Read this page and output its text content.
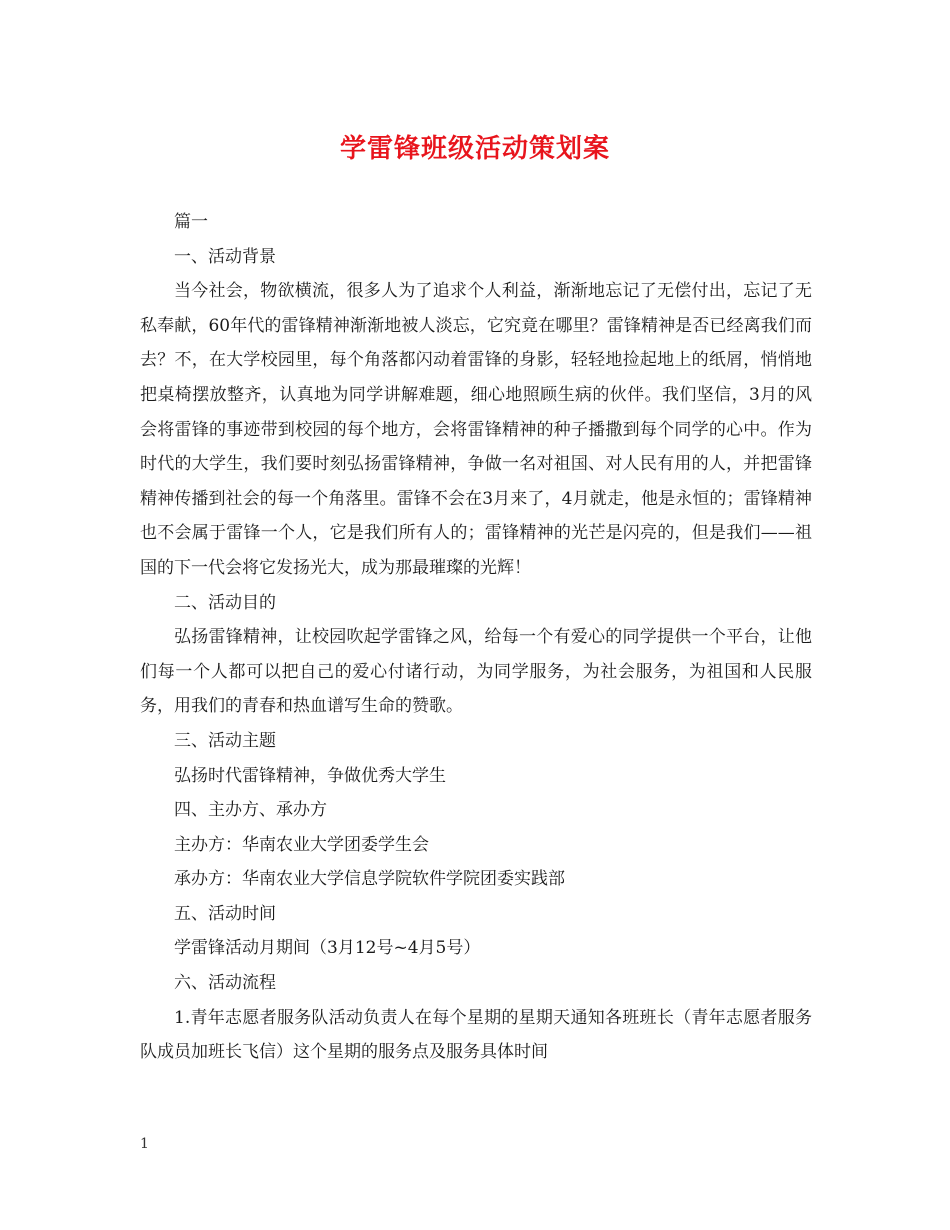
学雷锋班级活动策划案

篇一

一、活动背景

当今社会，物欲横流，很多人为了追求个人利益，渐渐地忘记了无偿付出，忘记了无私奉献，60年代的雷锋精神渐渐地被人淡忘，它究竟在哪里？雷锋精神是否已经离我们而去？不，在大学校园里，每个角落都闪动着雷锋的身影，轻轻地捡起地上的纸屑，悄悄地把桌椅摆放整齐，认真地为同学讲解难题，细心地照顾生病的伙伴。我们坚信，3月的风会将雷锋的事迹带到校园的每个地方，会将雷锋精神的种子播撒到每个同学的心中。作为时代的大学生，我们要时刻弘扬雷锋精神，争做一名对祖国、对人民有用的人，并把雷锋精神传播到社会的每一个角落里。雷锋不会在3月来了，4月就走，他是永恒的；雷锋精神也不会属于雷锋一个人，它是我们所有人的；雷锋精神的光芒是闪亮的，但是我们——祖国的下一代会将它发扬光大，成为那最璀璨的光辉！

二、活动目的

弘扬雷锋精神，让校园吹起学雷锋之风，给每一个有爱心的同学提供一个平台，让他们每一个人都可以把自己的爱心付诸行动，为同学服务，为社会服务，为祖国和人民服务，用我们的青春和热血谱写生命的赞歌。

三、活动主题

弘扬时代雷锋精神，争做优秀大学生

四、主办方、承办方

主办方：华南农业大学团委学生会

承办方：华南农业大学信息学院软件学院团委实践部

五、活动时间

学雷锋活动月期间（3月12号~4月5号）

六、活动流程

1.青年志愿者服务队活动负责人在每个星期的星期天通知各班班长（青年志愿者服务队成员加班长飞信）这个星期的服务点及服务具体时间

1
